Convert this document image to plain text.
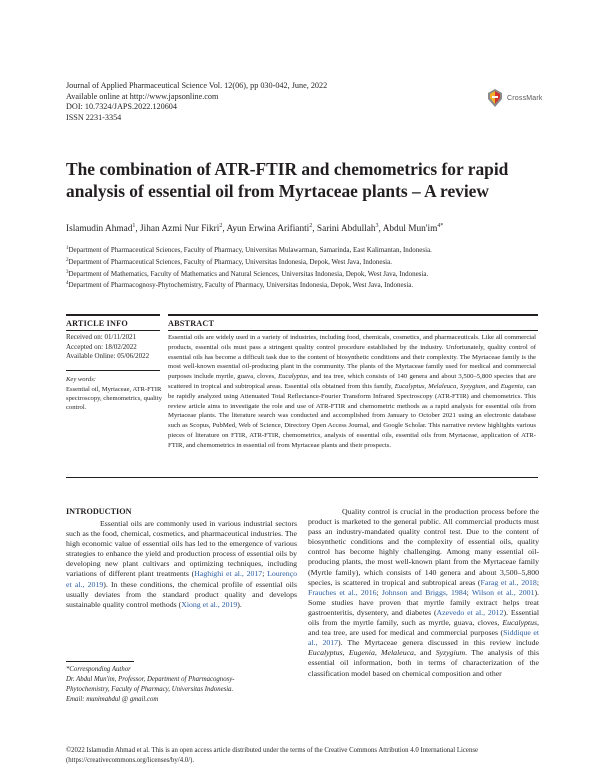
Journal of Applied Pharmaceutical Science Vol. 12(06), pp 030-042, June, 2022
Available online at http://www.japsonline.com
DOI: 10.7324/JAPS.2022.120604
ISSN 2231-3354
CrossMark
The combination of ATR-FTIR and chemometrics for rapid analysis of essential oil from Myrtaceae plants – A review
Islamudin Ahmad$^1$, Jihan Azmi Nur Fikri$^2$, Ayun Erwina Arifianti$^2$, Sarini Abdullah$^3$, Abdul $Mun'im^{4*}$
$^1$Department of Pharmaceutical Sciences, Faculty of Pharmacy, Universitas Mulawarman, Samarinda, East Kalimantan, Indonesia.
$^2$Department of Pharmaceutical Sciences, Faculty of Pharmacy, Universitas Indonesia, Depok, West Java, Indonesia.
$^3$Department of Mathematics, Faculty of Mathematics and Natural Sciences, Universitas Indonesia, Depok, West Java, Indonesia.
$^4$Department of Pharmacognosy-Phytochemistry, Faculty of Pharmacy, Universitas Indonesia, Depok, West Java, Indonesia.
ARTICLE INFO	ABSTRACT
Received on: 01/11/2021
Accepted on: 18/02/2022
Available Online: 05/06/2022
Key words:
Essential oil, Myrtaceae, ATR-FTIR spectroscopy, chemometrics, quality control.
Essential oils are widely used in a variety of industries, including food, chemicals, cosmetics, and pharmaceuticals. Like all commercial products, essential oils must pass a stringent quality control procedure established by the industry. Unfortunately, quality control of essential oils has become a difficult task due to the content of biosynthetic conditions and their complexity. The Myrtaceae family is the most well-known essential oil-producing plant in the community. The plants of the Myrtaceae family used for medical and commercial purposes include myrtle, guava, cloves, Eucalyptus, and tea tree, which consists of 140 genera and about 3,500–5,800 species that are scattered in tropical and subtropical areas. Essential oils obtained from this family, Eucalyptus, Melaleuca, Syzygium, and Eugenia, can be rapidly analyzed using Attenuated Total Reflectance-Fourier Transform Infrared Spectroscopy (ATR-FTIR) and chemometrics. This review article aims to investigate the role and use of ATR-FTIR and chemometric methods as a rapid analysis for essential oils from Myrtaceae plants. The literature search was conducted and accomplished from January to October 2021 using an electronic database such as Scopus, PubMed, Web of Science, Directory Open Access Journal, and Google Scholar. This narrative review highlights various pieces of literature on FTIR, ATR-FTIR, chemometrics, analysis of essential oils, essential oils from Myrtaceae, application of ATR-FTIR, and chemometrics in essential oil from Myrtaceae plants and their prospects.
INTRODUCTION

Essential oils are commonly used in various industrial sectors such as the food, chemical, cosmetics, and pharmaceutical industries. The high economic value of essential oils has led to the emergence of various strategies to enhance the yield and production process of essential oils by developing new plant cultivars and optimizing techniques, including variations of different plant treatments (Haghighi et al., 2017; Lourenço et al., 2019). In these conditions, the chemical profile of essential oils usually deviates from the standard product quality and develops sustainable quality control methods (Xiong et al., 2019).

Quality control is crucial in the production process before the product is marketed to the general public. All commercial products must pass an industry-mandated quality control test. Due to the content of biosynthetic conditions and the complexity of essential oils, quality control has become highly challenging. Among many essential oil-producing plants, the most well-known plant from the Myrtaceae family (Myrtle family), which consists of 140 genera and about 3,500–5,800 species, is scattered in tropical and subtropical areas (Farag et al., 2018; Frauches et al., 2016; Johnson and Briggs, 1984; Wilson et al., 2001). Some studies have proven that myrtle family extract helps treat gastroenteritis, dysentery, and diabetes (Azevedo et al., 2012). Essential oils from the myrtle family, such as myrtle, guava, cloves, Eucalyptus, and tea tree, are used for medical and commercial purposes (Siddique et al., 2017). The Myrtaceae genera discussed in this review include Eucalyptus, Eugenia, Melaleuca, and Syzygium. The analysis of this essential oil information, both in terms of characterization of the classification model based on chemical composition and other

*Corresponding Author
Dr. Abdul Mun'im, Professor, Department of Pharmacognosy-
Phytochemistry, Faculty of Pharmacy, Universitas Indonesia.
Email: munimabdul @ gmail.com
©2022 Islamudin Ahmad et al. This is an open access article distributed under the terms of the Creative Commons Attribution 4.0 International License (https://creativecommons.org/licenses/by/4.0/).
